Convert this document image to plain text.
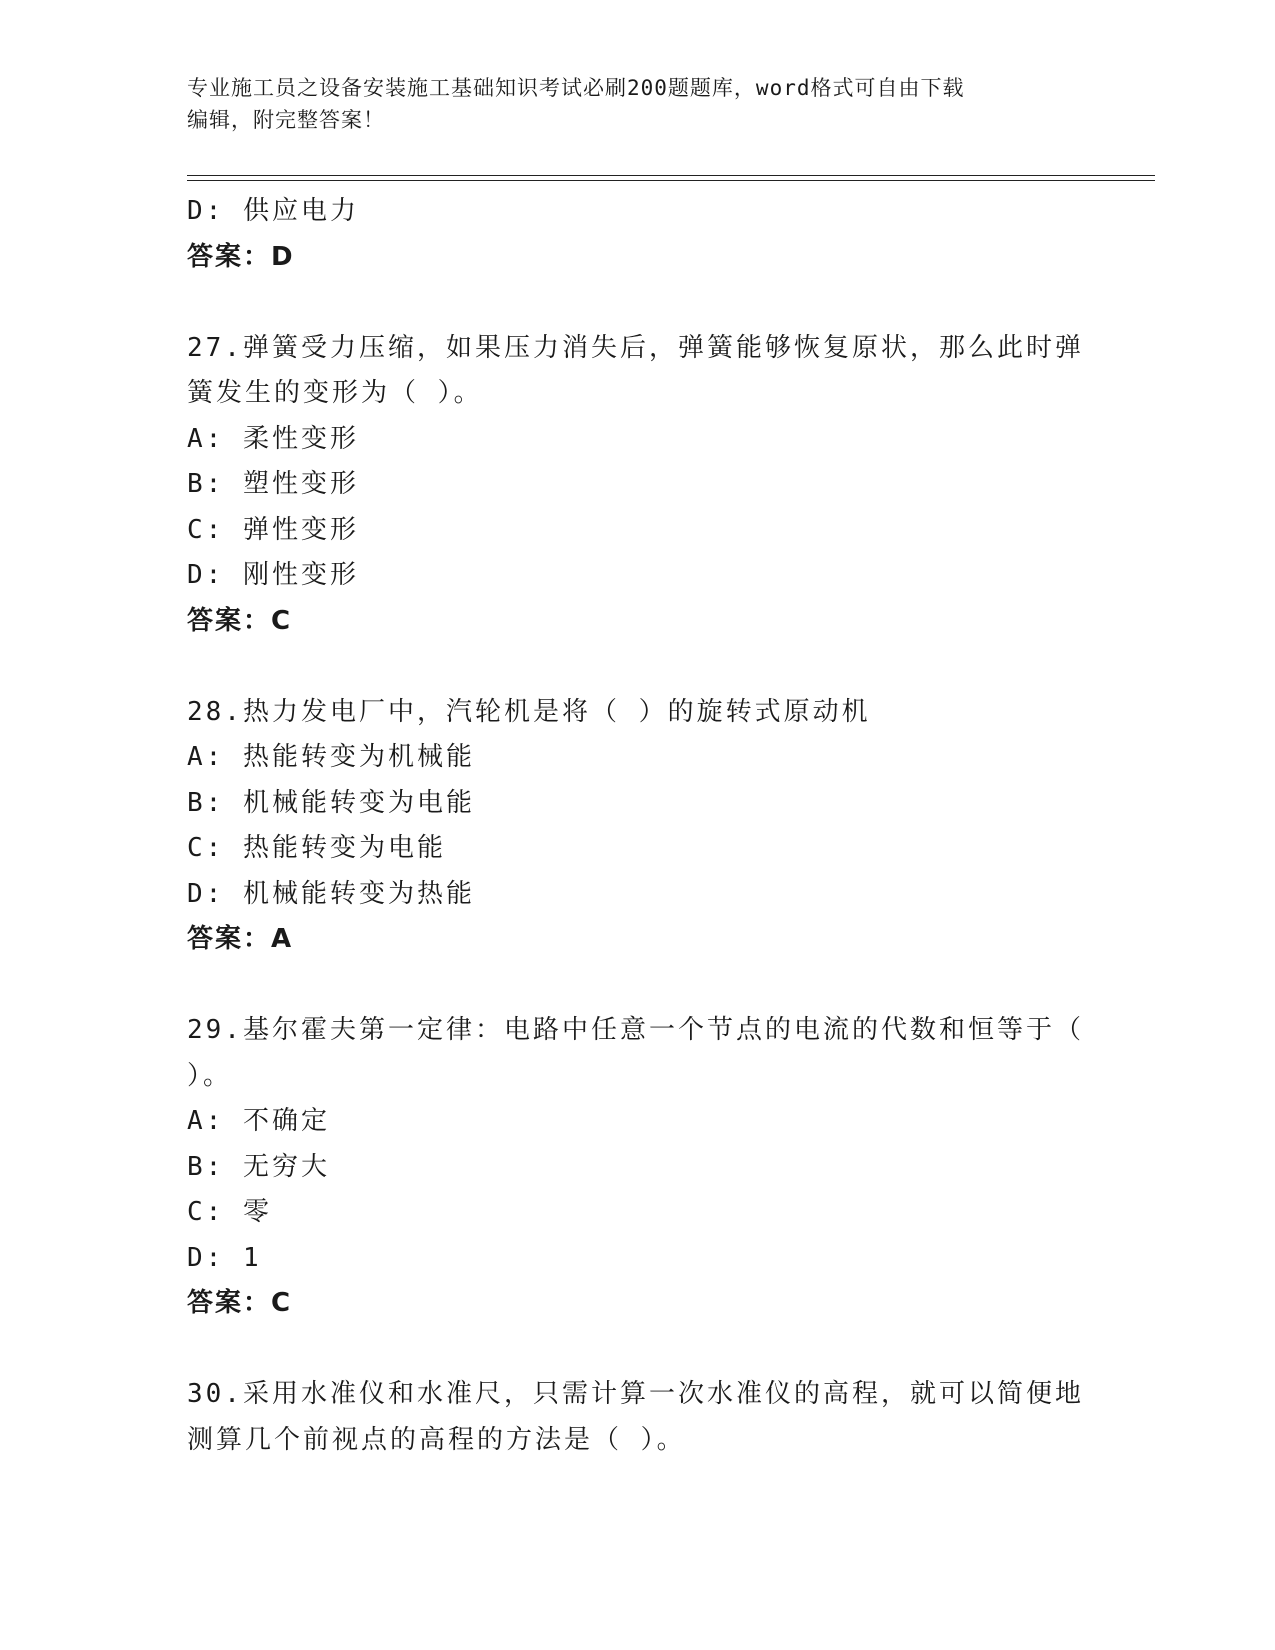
专业施工员之设备安装施工基础知识考试必刷200题题库，word格式可自由下载
编辑，附完整答案！
D: 供应电力
答案：D
27.弹簧受力压缩，如果压力消失后，弹簧能够恢复原状，那么此时弹
簧发生的变形为（ ）。
A: 柔性变形
B: 塑性变形
C: 弹性变形
D: 刚性变形
答案：C
28.热力发电厂中，汽轮机是将（ ）的旋转式原动机
A: 热能转变为机械能
B: 机械能转变为电能
C: 热能转变为电能
D: 机械能转变为热能
答案：A
29.基尔霍夫第一定律：电路中任意一个节点的电流的代数和恒等于（
）。
A: 不确定
B: 无穷大
C: 零
D: 1
答案：C
30.采用水准仪和水准尺，只需计算一次水准仪的高程，就可以简便地
测算几个前视点的高程的方法是（ ）。
